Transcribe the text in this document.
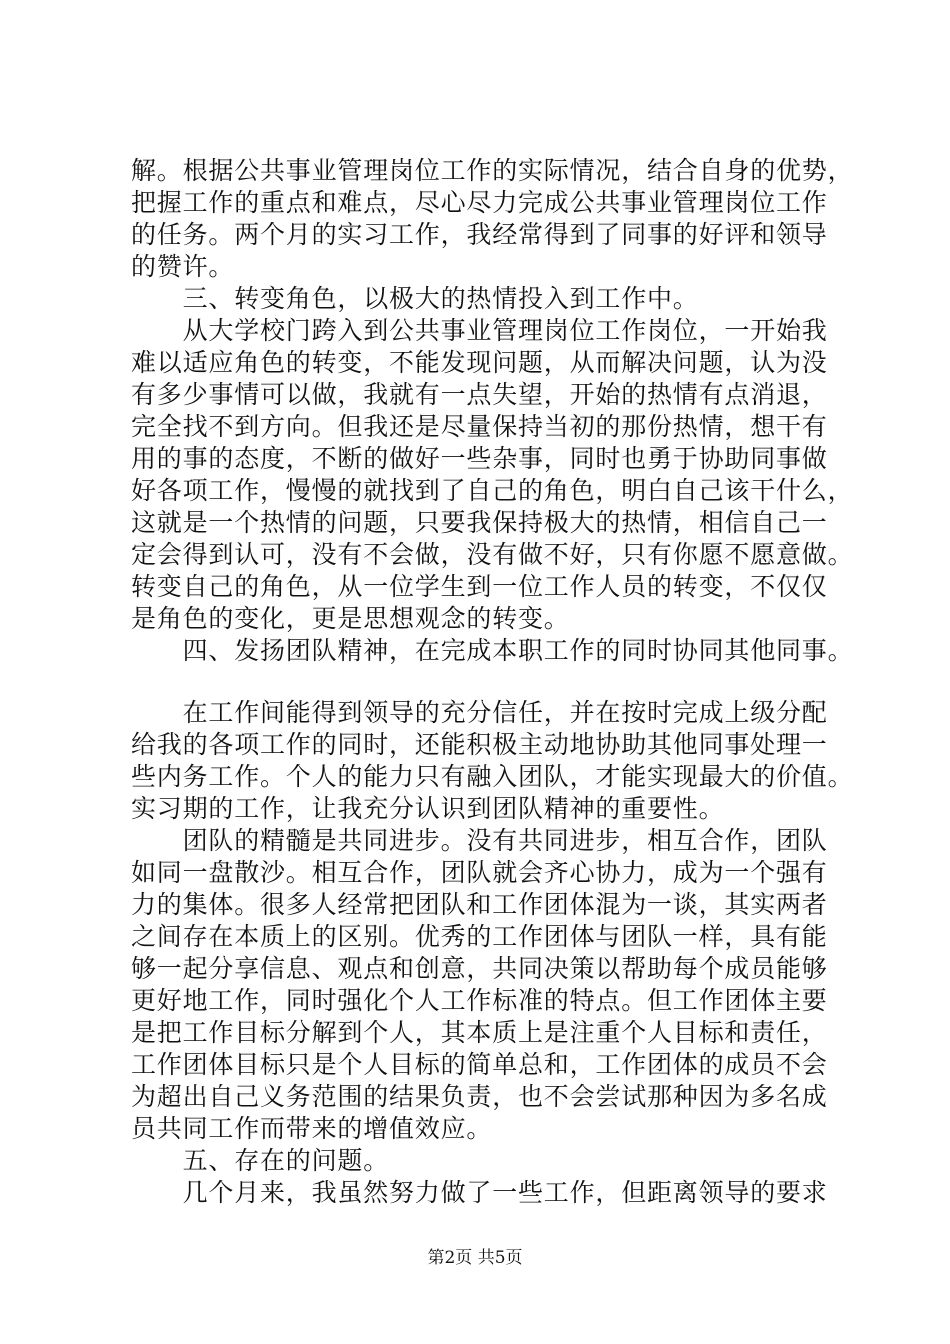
解。根据公共事业管理岗位工作的实际情况，结合自身的优势，
把握工作的重点和难点，尽心尽力完成公共事业管理岗位工作
的任务。两个月的实习工作，我经常得到了同事的好评和领导
的赞许。
　　三、转变角色，以极大的热情投入到工作中。
　　从大学校门跨入到公共事业管理岗位工作岗位，一开始我
难以适应角色的转变，不能发现问题，从而解决问题，认为没
有多少事情可以做，我就有一点失望，开始的热情有点消退，
完全找不到方向。但我还是尽量保持当初的那份热情，想干有
用的事的态度，不断的做好一些杂事，同时也勇于协助同事做
好各项工作，慢慢的就找到了自己的角色，明白自己该干什么，
这就是一个热情的问题，只要我保持极大的热情，相信自己一
定会得到认可，没有不会做，没有做不好，只有你愿不愿意做。
转变自己的角色，从一位学生到一位工作人员的转变，不仅仅
是角色的变化，更是思想观念的转变。
　　四、发扬团队精神，在完成本职工作的同时协同其他同事。
　　在工作间能得到领导的充分信任，并在按时完成上级分配
给我的各项工作的同时，还能积极主动地协助其他同事处理一
些内务工作。个人的能力只有融入团队，才能实现最大的价值。
实习期的工作，让我充分认识到团队精神的重要性。
　　团队的精髓是共同进步。没有共同进步，相互合作，团队
如同一盘散沙。相互合作，团队就会齐心协力，成为一个强有
力的集体。很多人经常把团队和工作团体混为一谈，其实两者
之间存在本质上的区别。优秀的工作团体与团队一样，具有能
够一起分享信息、观点和创意，共同决策以帮助每个成员能够
更好地工作，同时强化个人工作标准的特点。但工作团体主要
是把工作目标分解到个人，其本质上是注重个人目标和责任，
工作团体目标只是个人目标的简单总和，工作团体的成员不会
为超出自己义务范围的结果负责，也不会尝试那种因为多名成
员共同工作而带来的增值效应。
　　五、存在的问题。
　　几个月来，我虽然努力做了一些工作，但距离领导的要求
第2页 共5页
